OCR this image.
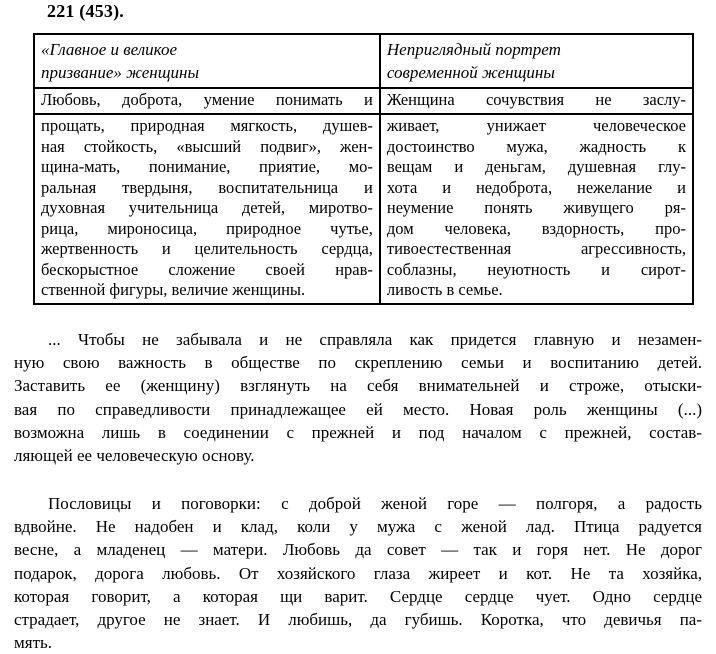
221 (453).
«Главное и великое
призвание» женщины
Неприглядный портрет
современной женщины
Любовь, доброта, умение понимать и Женщина сочувствия не заслу-
прощать, природная мягкость, душев-
ная стойкость, «высший подвиг», жен-
щина-мать, понимание, приятие, мо-
ральная твердыня, воспитательница и
духовная учительница детей, миротво-
рица, мироносица, природное чутье,
жертвенность и целительность сердца,
бескорыстное сложение своей нрав-
ственной фигуры, величие женщины.
живает, унижает человеческое
достоинство мужа, жадность к
вещам и деньгам, душевная глу-
хота и недоброта, нежелание и
неумение понять живущего ря-
дом человека, вздорность, про-
тивоестественная агрессивность,
соблазны, неуютность и сирот-
ливость в семье.

... Чтобы не забывала и не справляла как придется главную и незамен-
ную свою важность в обществе по скреплению семьи и воспитанию детей.
Заставить ее (женщину) взглянуть на себя внимательней и строже, отыски-
вая по справедливости принадлежащее ей место. Новая роль женщины (...)
возможна лишь в соединении с прежней и под началом с прежней, состав-
ляющей ее человеческую основу.

Пословицы и поговорки: с доброй женой горе — полгоря, а радость
вдвойне. Не надобен и клад, коли у мужа с женой лад. Птица радуется
весне, а младенец — матери. Любовь да совет — так и горя нет. Не дорог
подарок, дорога любовь. От хозяйского глаза жиреет и кот. Не та хозяйка,
которая говорит, а которая щи варит. Сердце сердце чует. Одно сердце
страдает, другое не знает. И любишь, да губишь. Коротка, что девичья па-
мять.
